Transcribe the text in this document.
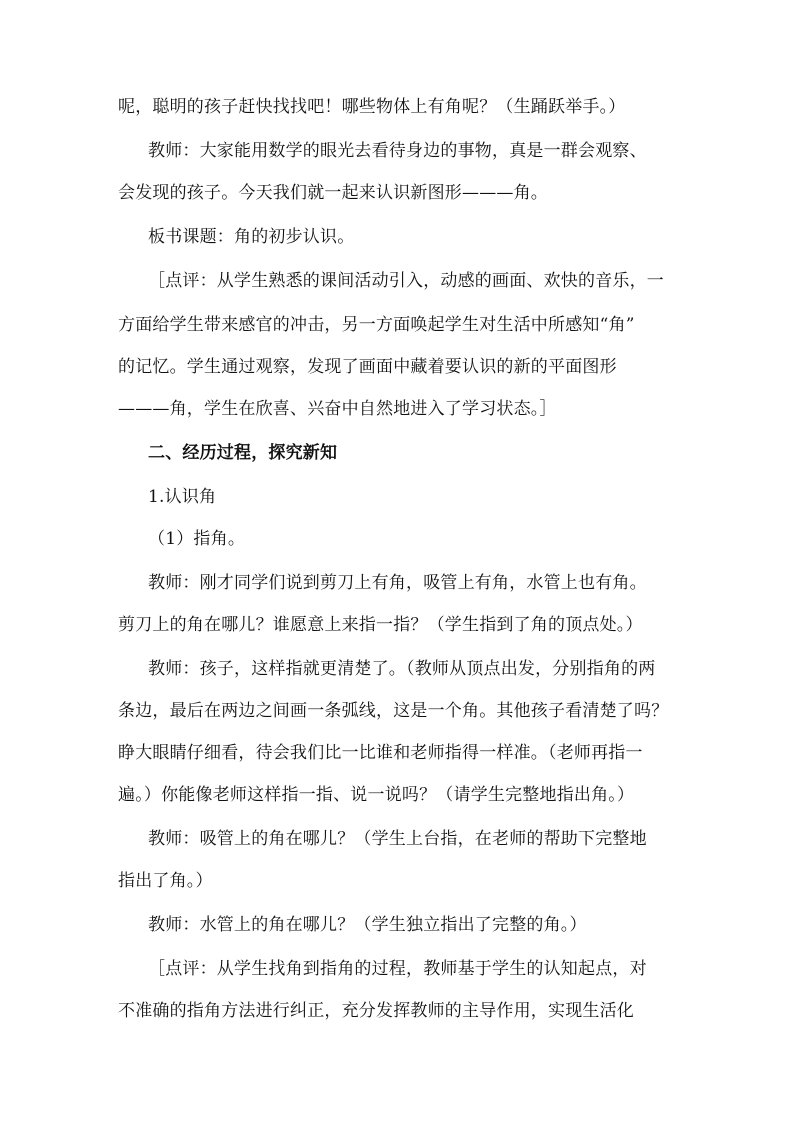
呢，聪明的孩子赶快找找吧！哪些物体上有角呢？（生踊跃举手。）
教师：大家能用数学的眼光去看待身边的事物，真是一群会观察、
会发现的孩子。今天我们就一起来认识新图形———角。
板书课题：角的初步认识。
［点评：从学生熟悉的课间活动引入，动感的画面、欢快的音乐，一
方面给学生带来感官的冲击，另一方面唤起学生对生活中所感知“角”
的记忆。学生通过观察，发现了画面中藏着要认识的新的平面图形
———角，学生在欣喜、兴奋中自然地进入了学习状态。］
二、经历过程，探究新知
1.认识角
（1）指角。
教师：刚才同学们说到剪刀上有角，吸管上有角，水管上也有角。
剪刀上的角在哪儿？谁愿意上来指一指？（学生指到了角的顶点处。）
教师：孩子，这样指就更清楚了。（教师从顶点出发，分别指角的两
条边，最后在两边之间画一条弧线，这是一个角。其他孩子看清楚了吗？
睁大眼睛仔细看，待会我们比一比谁和老师指得一样准。（老师再指一
遍。）你能像老师这样指一指、说一说吗？（请学生完整地指出角。）
教师：吸管上的角在哪儿？（学生上台指，在老师的帮助下完整地
指出了角。）
教师：水管上的角在哪儿？（学生独立指出了完整的角。）
［点评：从学生找角到指角的过程，教师基于学生的认知起点，对
不准确的指角方法进行纠正，充分发挥教师的主导作用，实现生活化
